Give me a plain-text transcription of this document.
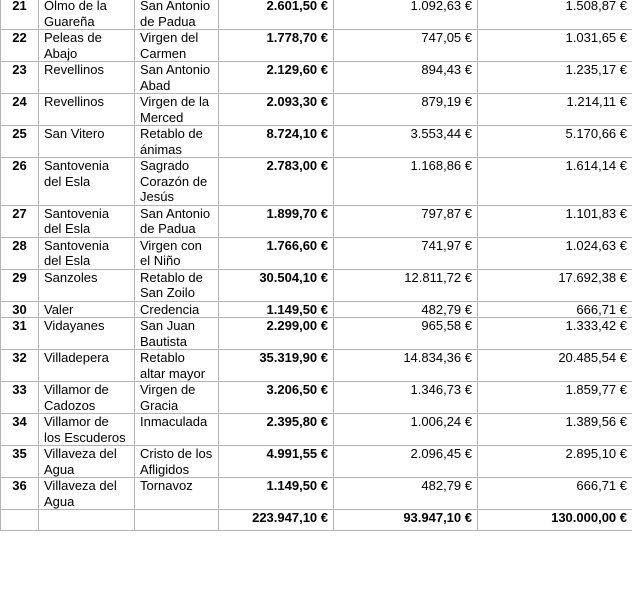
21	Olmo de la Guareña	San Antonio de Padua	2.601,50 €	1.092,63 €	1.508,87 €
22	Peleas de Abajo	Virgen del Carmen	1.778,70 €	747,05 €	1.031,65 €
23	Revellinos	San Antonio Abad	2.129,60 €	894,43 €	1.235,17 €
24	Revellinos	Virgen de la Merced	2.093,30 €	879,19 €	1.214,11 €
25	San Vitero	Retablo de ánimas	8.724,10 €	3.553,44 €	5.170,66 €
26	Santovenia del Esla	Sagrado Corazón de Jesús	2.783,00 €	1.168,86 €	1.614,14 €
27	Santovenia del Esla	San Antonio de Padua	1.899,70 €	797,87 €	1.101,83 €
28	Santovenia del Esla	Virgen con el Niño	1.766,60 €	741,97 €	1.024,63 €
29	Sanzoles	Retablo de San Zoilo	30.504,10 €	12.811,72 €	17.692,38 €
30	Valer	Credencia	1.149,50 €	482,79 €	666,71 €
31	Vidayanes	San Juan Bautista	2.299,00 €	965,58 €	1.333,42 €
32	Villadepera	Retablo altar mayor	35.319,90 €	14.834,36 €	20.485,54 €
33	Villamor de Cadozos	Virgen de Gracia	3.206,50 €	1.346,73 €	1.859,77 €
34	Villamor de los Escuderos	Inmaculada	2.395,80 €	1.006,24 €	1.389,56 €
35	Villaveza del Agua	Cristo de los Afligidos	4.991,55 €	2.096,45 €	2.895,10 €
36	Villaveza del Agua	Tornavoz	1.149,50 €	482,79 €	666,71 €
			223.947,10 €	93.947,10 €	130.000,00 €
